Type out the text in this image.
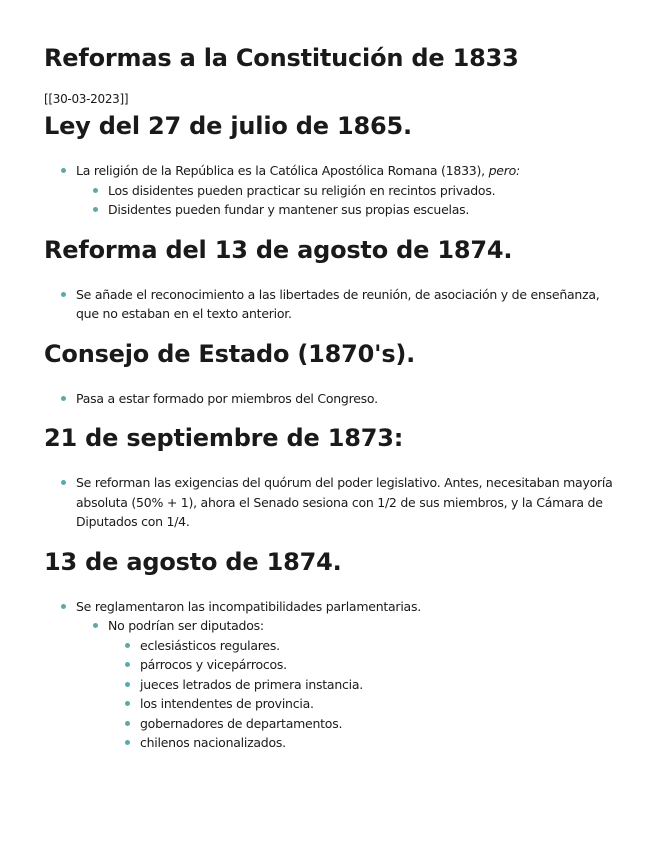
Reformas a la Constitución de 1833
[[30-03-2023]]
Ley del 27 de julio de 1865.
La religión de la República es la Católica Apostólica Romana (1833), pero:
Los disidentes pueden practicar su religión en recintos privados.
Disidentes pueden fundar y mantener sus propias escuelas.
Reforma del 13 de agosto de 1874.
Se añade el reconocimiento a las libertades de reunión, de asociación y de enseñanza, que no estaban en el texto anterior.
Consejo de Estado (1870's).
Pasa a estar formado por miembros del Congreso.
21 de septiembre de 1873:
Se reforman las exigencias del quórum del poder legislativo. Antes, necesitaban mayoría absoluta (50% + 1), ahora el Senado sesiona con 1/2 de sus miembros, y la Cámara de Diputados con 1/4.
13 de agosto de 1874.
Se reglamentaron las incompatibilidades parlamentarias.
No podrían ser diputados:
eclesiásticos regulares.
párrocos y vicepárrocos.
jueces letrados de primera instancia.
los intendentes de provincia.
gobernadores de departamentos.
chilenos nacionalizados.
